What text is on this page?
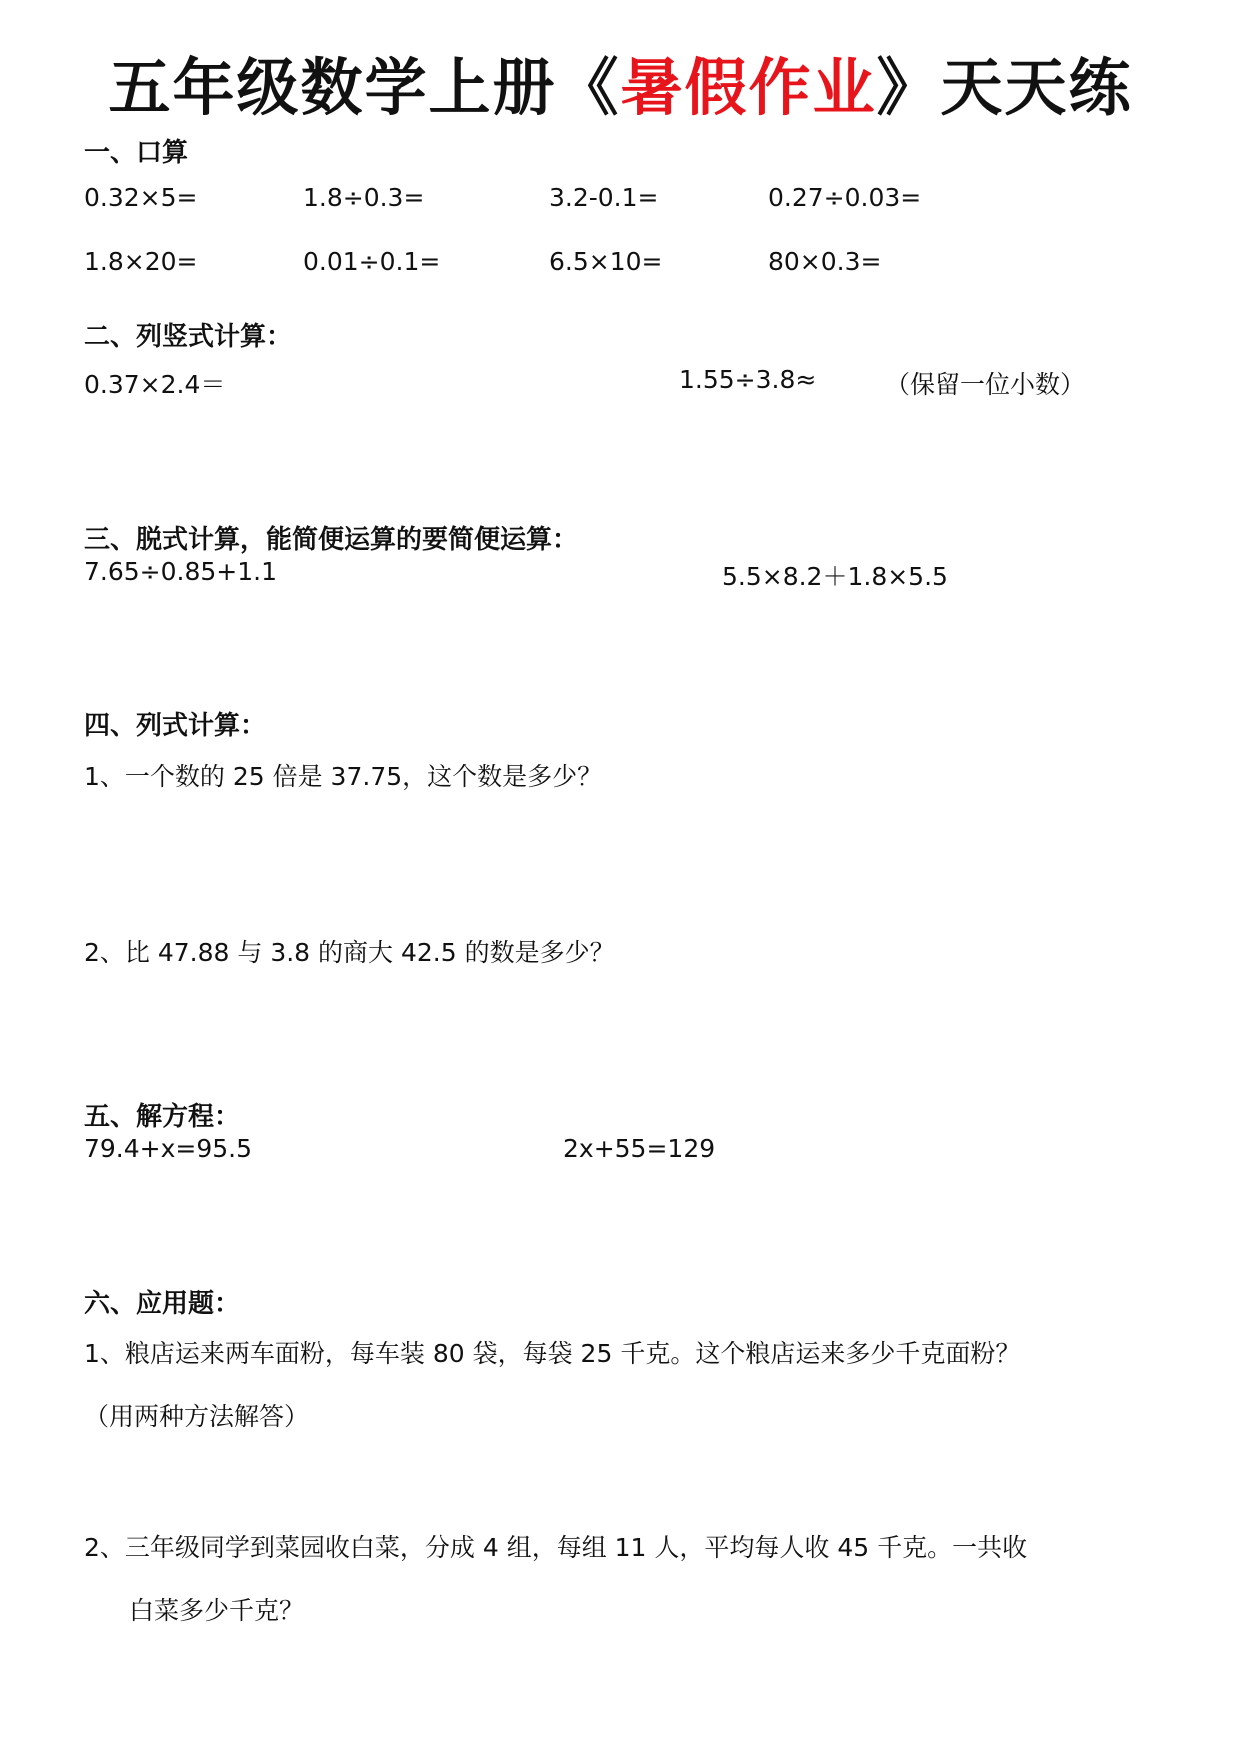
五年级数学上册《暑假作业》天天练
一、口算
0.32×5=	1.8÷0.3=	3.2-0.1=	0.27÷0.03=
1.8×20=	0.01÷0.1=	6.5×10=	80×0.3=
二、列竖式计算：
0.37×2.4＝	1.55÷3.8≈	（保留一位小数）
三、脱式计算，能简便运算的要简便运算：
7.65÷0.85+1.1	5.5×8.2＋1.8×5.5
四、列式计算：
1、一个数的 25 倍是 37.75，这个数是多少？
2、比 47.88 与 3.8 的商大 42.5 的数是多少？
五、解方程：
79.4+x=95.5	2x+55=129
六、应用题：
1、粮店运来两车面粉，每车装 80 袋，每袋 25 千克。这个粮店运来多少千克面粉？
（用两种方法解答）
2、三年级同学到菜园收白菜，分成 4 组，每组 11 人，平均每人收 45 千克。一共收
白菜多少千克？
